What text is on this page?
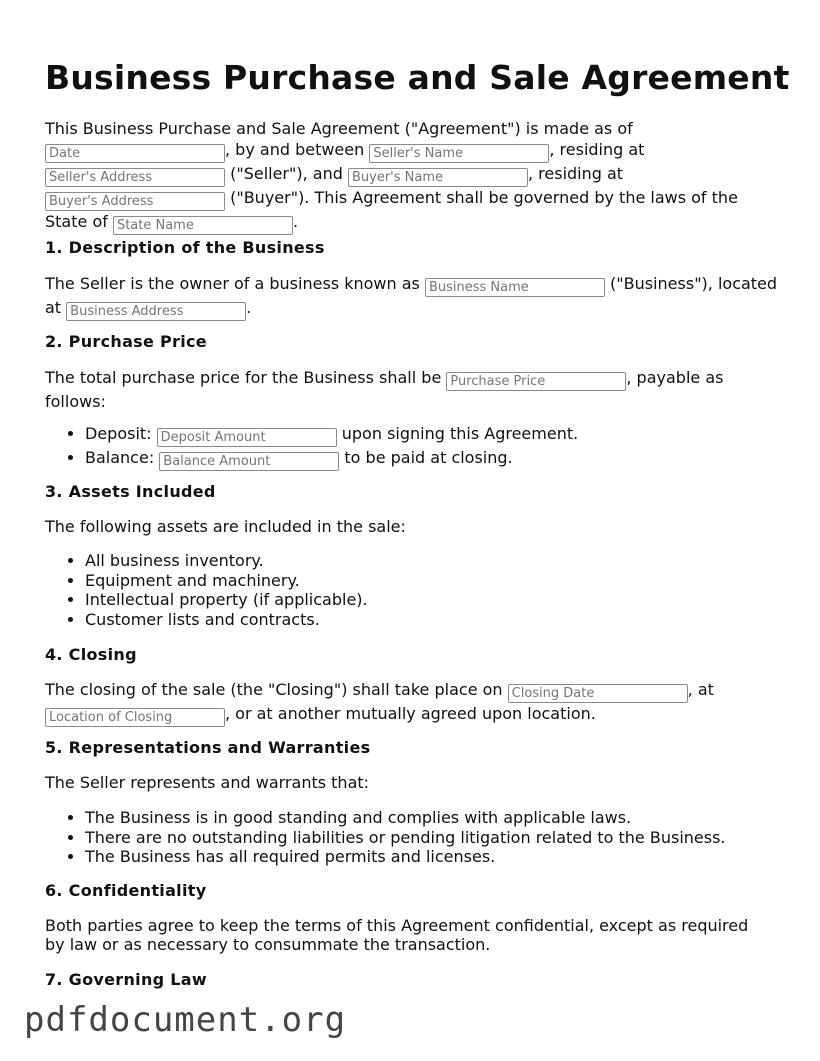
Business Purchase and Sale Agreement
This Business Purchase and Sale Agreement ("Agreement") is made as of
Date, by and between Seller's Name	, residing at
Seller's Address ("Seller"), and Buyer's Name	, residing at
Buyer's Address ("Buyer"). This Agreement shall be governed by the laws of the
State of State Name	.
1. Description of the Business
The Seller is the owner of a business known as Business Name	("Business"), located
at Business Address	.
2. Purchase Price
The total purchase price for the Business shall be Purchase Price	, payable as
follows:
• Deposit: Deposit Amount	upon signing this Agreement.
• Balance: Balance Amount	to be paid at closing.
3. Assets Included
The following assets are included in the sale:
• All business inventory.
• Equipment and machinery.
• Intellectual property (if applicable).
• Customer lists and contracts.
4. Closing
The closing of the sale (the "Closing") shall take place on Closing Date	, at
Location of Closing, or at another mutually agreed upon location.
5. Representations and Warranties
The Seller represents and warrants that:
• The Business is in good standing and complies with applicable laws.
• There are no outstanding liabilities or pending litigation related to the Business.
• The Business has all required permits and licenses.
6. Confidentiality
Both parties agree to keep the terms of this Agreement confidential, except as required
by law or as necessary to consummate the transaction.
7. Governing Law
pdfdocument.org
